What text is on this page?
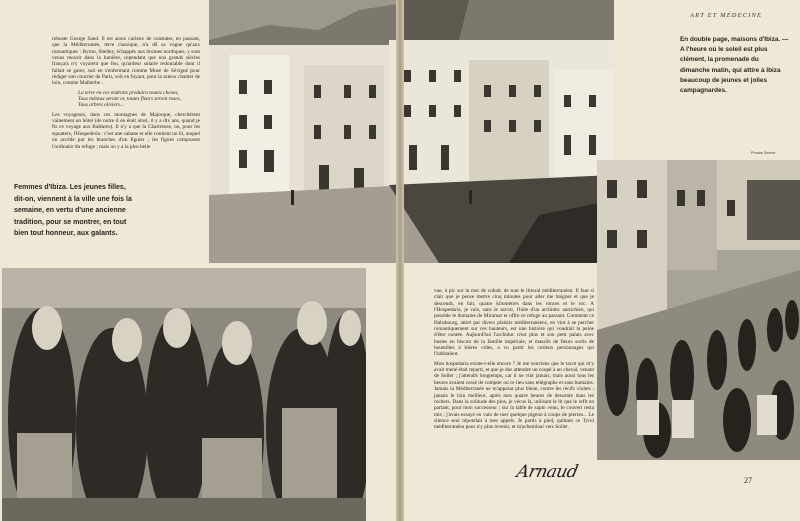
robuste George Sand. Il est assez curieux de constater, en passant, que la Méditerranée, terre classique, n'a dû sa vogue qu'aux romantiques : Byron, Shelley, échappés aux brumes nordiques, y sont venus mourir dans la lumière, cependant que nos grands siècles français n'y voyaient que feu, qu'ardeur solaire redoutable dont il fallait se garer, suit en s'enfermant comme Muse de Sévigné pour rédiger son courrier de Paris, soit en fuyant, pour la mieux chanter de loin, comme Malherbe :

La terre en ces endroits produira toutes choses,
Tous métaux seront or, toutes fleurs seront roses,
Tous arbres oliviers...

Les voyageurs, dans ces montagnes de Majorque, cherchèrent vainement un hôtel (de notre il en était ainsi, il y a dix ans, quand je fis ce voyage aux Baléares). Il n'y a que la Chartreuse, ou, pour les squatters, l'Hospederia : c'est une cabane et elle contient un lit, auquel on accède par les branches d'un figuier ; les figues composent l'ordinaire du refuge ; mais on y a la plus belle

Femmes d'Ibiza. Les jeunes filles, dit-on, viennent à la ville une fois la semaine, en vertu d'une ancienne tradition, pour se montrer, en tout bien tout honneur, aux galants.
ART ET MÉDECINE
En double page, maisons d'Ibiza. — A l'heure où le soleil est plus clément, la promenade du dimanche matin, qui attire à Ibiza beaucoup de jeunes et jolies campagnardes.
Photos Selexe

vue, à pic sur la mer de cobalt, de tout le littoral méditerranéen. Il faut si clair que je pense mettre cinq minutes pour aller me baigner et que je descends, en fait, quatre kilomètres dans les ronces et le roc. A l'Hospedaria, je vais, sans le savoir, l'hôte d'un archiduc autrichien, qui possède le domaine de Miramar et offre ce refuge au passant. Comment ce Habsbourg, attiré par divers plaisirs méditerranéens, en vint à se percher romantiquement sur ces hauteurs, est une histoire qui voudrait la peine d'être contée. Aujourd'hui l'archiduc n'est plus et son petit palais avec bustes en biscuit de la famille impériale, et massifs de fleurs sortis de bouteilles à bières vides, a vu partir les curieux personnages qui l'habitaient.

Mon hospedaria existe-t-elle encore ? Je me souviens que le tacot qui m'y avait mené était reparti, et que je dus attendre un coupé à un cheval, venant de Soller ; j'attendis longtemps, car il ne vint jamais, mais aussi tous les heures avaient cessé de compter ou ce lieu sans télégraphe et sans humains. Jamais la Méditerranée ne m'apparut plus bleue, contre les récifs violets ; jamais le loin meilleur, après mes quatre heures de descente dans les rochers. Dans la solitude des pins, je vécus là, utilisant le lit que le refit en partant, pour mon successeur ; sur la table de sapin venu, le couvert resta mis ; j'avais essayé en vain de tuer quelque pigeon à coups de pierres... Le silence seul répondait à mes appels. Je partis à pied, quittant ce Tyrol méditerranéen pour n'y plus revenir, et m'acheminai vers Soller.

Arnaud	27
